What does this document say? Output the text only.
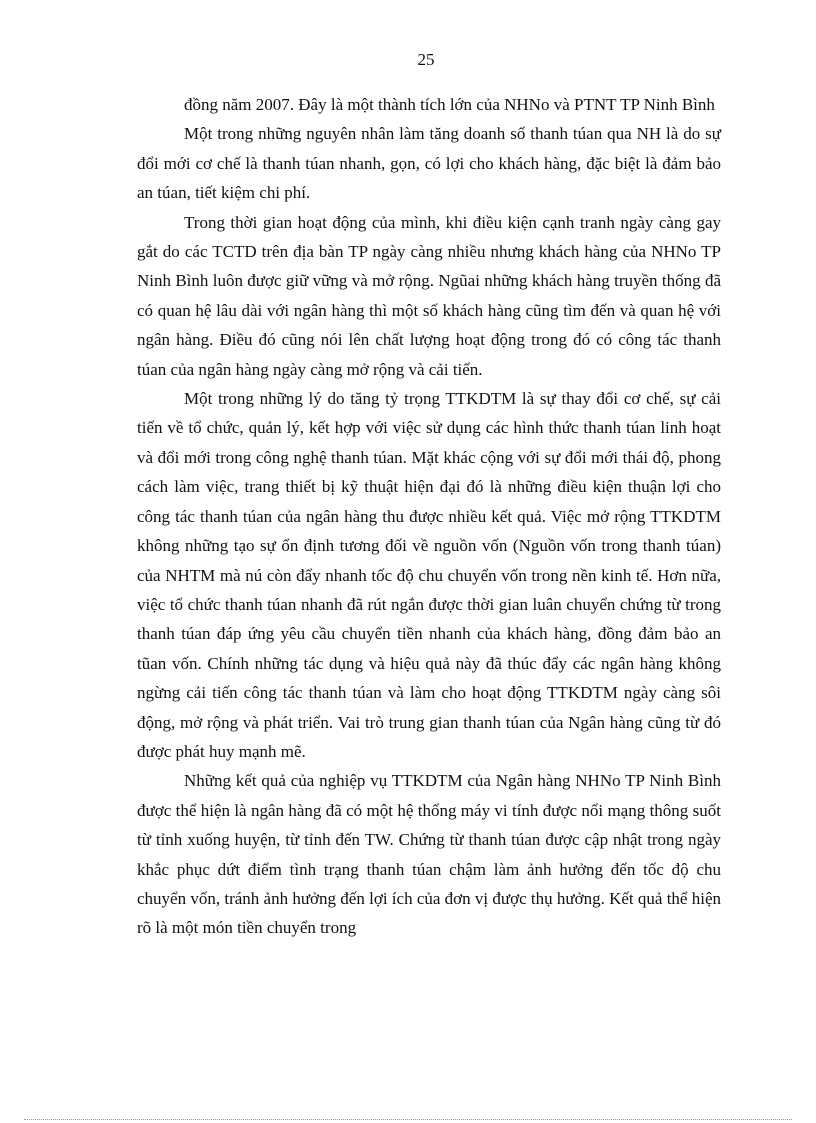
25

đồng năm 2007. Đây là một thành tích lớn của NHNo và PTNT TP Ninh Bình

Một trong những nguyên nhân làm tăng doanh số thanh túan qua NH là do sự đổi mới cơ chế là thanh túan nhanh, gọn, có lợi cho khách hàng, đặc biệt là đảm bảo an túan, tiết kiệm chi phí.

Trong thời gian hoạt động của mình, khi điều kiện cạnh tranh ngày càng gay gắt do các TCTD trên địa bàn TP ngày càng nhiều nhưng khách hàng của NHNo TP Ninh Bình luôn được giữ vững và mở rộng. Ngũai những khách hàng truyền thống đã có quan hệ lâu dài với ngân hàng thì một số khách hàng cũng tìm đến và quan hệ với ngân hàng. Điều đó cũng nói lên chất lượng hoạt động trong đó có công tác thanh túan của ngân hàng ngày càng mở rộng và cải tiến.

Một trong những lý do tăng tỷ trọng TTKDTM là sự thay đổi cơ chế, sự cải tiến về tổ chức, quản lý, kết hợp với việc sử dụng các hình thức thanh túan linh hoạt và đổi mới trong công nghệ thanh túan. Mặt khác cộng với sự đổi mới thái độ, phong cách làm việc, trang thiết bị kỹ thuật hiện đại đó là những điều kiện thuận lợi cho công tác thanh túan của ngân hàng thu được nhiều kết quả. Việc mở rộng TTKDTM không những tạo sự ổn định tương đối về nguồn vốn (Nguồn vốn trong thanh túan) của NHTM mà nú còn đẩy nhanh tốc độ chu chuyển vốn trong nền kinh tế. Hơn nữa, việc tổ chức thanh túan nhanh đã rút ngắn được thời gian luân chuyển chứng từ trong thanh túan đáp ứng yêu cầu chuyển tiền nhanh của khách hàng, đồng đảm bảo an tũan vốn. Chính những tác dụng và hiệu quả này đã thúc đẩy các ngân hàng không ngừng cải tiến công tác thanh túan và làm cho hoạt động TTKDTM ngày càng sôi động, mở rộng và phát triển. Vai trò trung gian thanh túan của Ngân hàng cũng từ đó được phát huy mạnh mẽ.

Những kết quả của nghiệp vụ TTKDTM của Ngân hàng NHNo TP Ninh Bình được thể hiện là ngân hàng đã có một hệ thống máy vi tính được nối mạng thông suốt từ tỉnh xuống huyện, từ tỉnh đến TW. Chứng từ thanh túan được cập nhật trong ngày khắc phục dứt điểm tình trạng thanh túan chậm làm ảnh hưởng đến tốc độ chu chuyển vốn, tránh ảnh hưởng đến lợi ích của đơn vị được thụ hưởng. Kết quả thể hiện rõ là một món tiền chuyển trong
